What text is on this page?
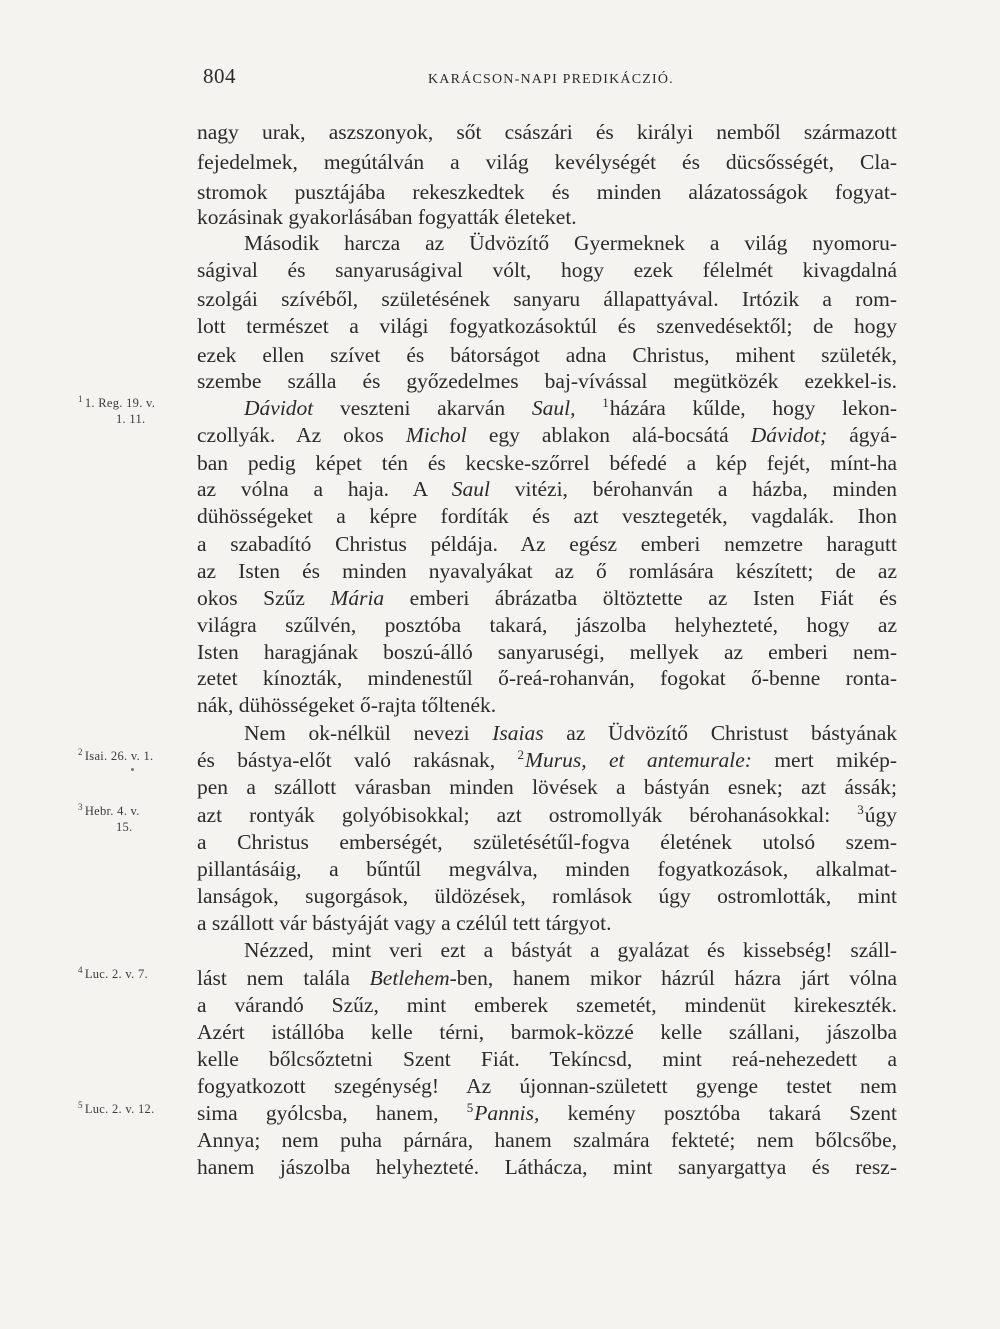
804	KARÁCSON-NAPI PREDIKÁCZIÓ.
nagy urak, aszszonyok, sőt császári és királyi nemből származott
fejedelmek, megútálván a világ kevélységét és dücsősségét, Cla-
stromok pusztájába rekeszkedtek és minden alázatosságok fogyat-
kozásinak gyakorlásában fogyatták életeket.
Második harcza az Üdvözítő Gyermeknek a világ nyomoru-
ságival és sanyaruságival vólt, hogy ezek félelmét kivagdalná
szolgái szívéből, születésének sanyaru állapattyával. Irtózik a rom-
lott természet a világi fogyatkozásoktúl és szenvedésektől; de hogy
ezek ellen szívet és bátorságot adna Christus, mihent születék,
szembe szálla és győzedelmes baj-vívással megütközék ezekkel-is.
Dávidot veszteni akarván Saul, $^1$házára kűlde, hogy lekon-
czollyák. Az okos Michol egy ablakon alá-bocsátá Dávidot; ágyá-
ban pedig képet tén és kecske-szőrrel béfedé a kép fejét, mínt-ha
az vólna a haja. A Saul vitézi, bérohanván a házba, minden
dühösségeket a képre fordíták és azt vesztegeték, vagdalák. Ihon
a szabadító Christus példája. Az egész emberi nemzetre haragutt
az Isten és minden nyavalyákat az ő romlására készített; de az
okos Szűz Mária emberi ábrázatba öltöztette az Isten Fiát és
világra szűlvén, posztóba takará, jászolba helyhezteté, hogy az
Isten haragjának boszú-álló sanyaruségi, mellyek az emberi nem-
zetet kínozták, mindenestűl ő-reá-rohanván, fogokat ő-benne ronta-
nák, dühösségeket ő-rajta tőltenék.
Nem ok-nélkül nevezi Isaias az Üdvözítő Christust bástyának
és bástya-előt való rakásnak, $^2$Murus, et antemurale: mert mikép-
pen a szállott várasban minden lövések a bástyán esnek; azt ássák;
azt rontyák golyóbisokkal; azt ostromollyák bérohanásokkal: $^3$úgy
a Christus emberségét, születésétűl-fogva életének utolsó szem-
pillantásáig, a bűntűl megválva, minden fogyatkozások, alkalmat-
lanságok, sugorgások, üldözések, romlások úgy ostromlották, mint
a szállott vár bástyáját vagy a czélúl tett tárgyot.
Nézzed, mint veri ezt a bástyát a gyalázat és kissebség! száll-
lást nem talála Betlehem-ben, hanem mikor házrúl házra járt vólna
a várandó Szűz, mint emberek szemetét, mindenüt kirekeszték.
Azért istállóba kelle térni, barmok-közzé kelle szállani, jászolba
kelle bőlcsőztetni Szent Fiát. Tekíncsd, mint reá-nehezedett a
fogyatkozott szegénység! Az újonnan-született gyenge testet nem
sima gyólcsba, hanem, $^5$Pannis, kemény posztóba takará Szent
Annya; nem puha párnára, hanem szalmára fekteté; nem bőlcsőbe,
hanem jászolba helyhezteté. Láthácza, mint sanyargattya és resz-
$^1$ 1. Reg. 19. v.
1. 11.
$^2$ Isai. 26. v. 1.
$^3$ Hebr. 4. v.
15.
$^4$ Luc. 2. v. 7.
$^5$ Luc. 2. v. 12.
